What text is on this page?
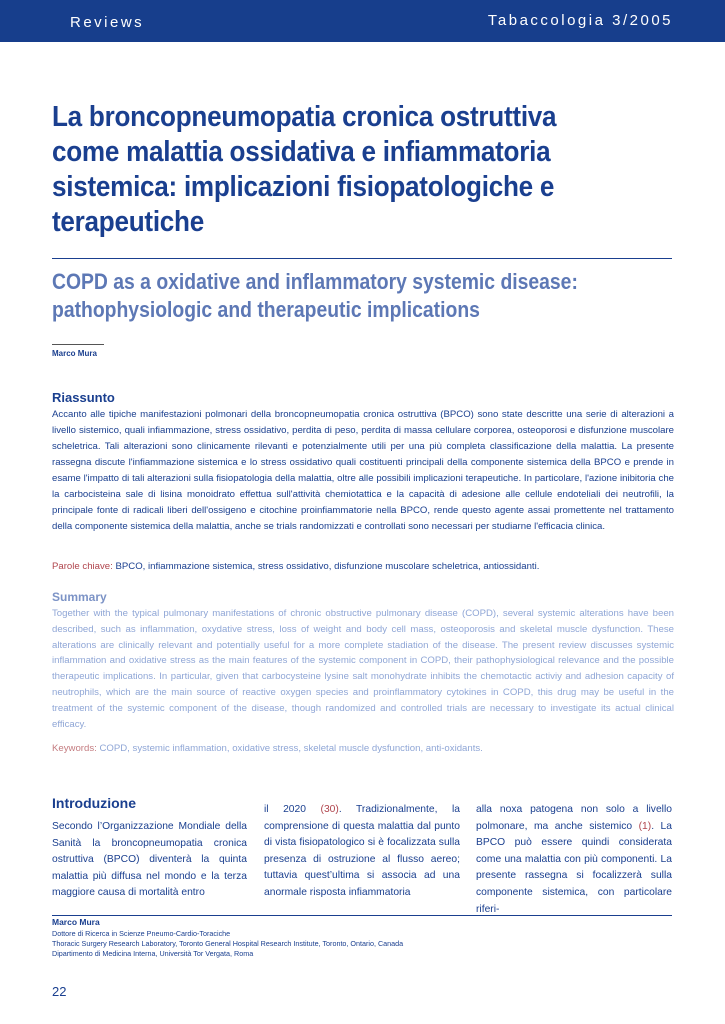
Reviews	Tabaccologia 3/2005
La broncopneumopatia cronica ostruttiva come malattia ossidativa e infiammatoria sistemica: implicazioni fisiopatologiche e terapeutiche
COPD as a oxidative and inflammatory systemic disease: pathophysiologic and therapeutic implications
Marco Mura
Riassunto

Accanto alle tipiche manifestazioni polmonari della broncopneumopatia cronica ostruttiva (BPCO) sono state descritte una serie di alterazioni a livello sistemico, quali infiammazione, stress ossidativo, perdita di peso, perdita di massa cellulare corporea, osteoporosi e disfunzione muscolare scheletrica. Tali alterazioni sono clinicamente rilevanti e potenzialmente utili per una più completa classificazione della malattia. La presente rassegna discute l'infiammazione sistemica e lo stress ossidativo quali costituenti principali della componente sistemica della BPCO e prende in esame l'impatto di tali alterazioni sulla fisiopatologia della malattia, oltre alle possibili implicazioni terapeutiche. In particolare, l'azione inibitoria che la carbocisteina sale di lisina monoidrato effettua sull'attività chemiotattica e la capacità di adesione alle cellule endoteliali dei neutrofili, la principale fonte di radicali liberi dell'ossigeno e citochine proinfiammatorie nella BPCO, rende questo agente assai promettente nel trattamento della componente sistemica della malattia, anche se trials randomizzati e controllati sono necessari per studiarne l'efficacia clinica.

Parole chiave: BPCO, infiammazione sistemica, stress ossidativo, disfunzione muscolare scheletrica, antiossidanti.

Summary

Together with the typical pulmonary manifestations of chronic obstructive pulmonary disease (COPD), several systemic alterations have been described, such as inflammation, oxydative stress, loss of weight and body cell mass, osteoporosis and skeletal muscle dysfunction. These alterations are clinically relevant and potentially useful for a more complete stadiation of the disease. The present review discusses systemic inflammation and oxidative stress as the main features of the systemic component in COPD, their pathophysiological relevance and the possible therapeutic implications. In particular, given that carbocysteine lysine salt monohydrate inhibits the chemotactic activiy and adhesion capacity of neutrophils, which are the main source of reactive oxygen species and proinflammatory cytokines in COPD, this drug may be useful in the treatment of the systemic component of the disease, though randomized and controlled trials are necessary to investigate its actual clinical efficacy.

Keywords: COPD, systemic inflammation, oxidative stress, skeletal muscle dysfunction, anti-oxidants.

Introduzione

Secondo l’Organizzazione Mondiale della Sanità la broncopneumopatia cronica ostruttiva (BPCO) diventerà la quinta malattia più diffusa nel mondo e la terza maggiore causa di mortalità entro

il 2020 (30). Tradizionalmente, la comprensione di questa malattia dal punto di vista fisiopatologico si è focalizzata sulla presenza di ostruzione al flusso aereo; tuttavia quest’ultima si associa ad una anormale risposta infiammatoria

alla noxa patogena non solo a livello polmonare, ma anche sistemico (1). La BPCO può essere quindi considerata come una malattia con più componenti. La presente rassegna si focalizzerà sulla componente sistemica, con particolare riferi-

Marco Mura
Dottore di Ricerca in Scienze Pneumo-Cardio-Toraciche
Thoracic Surgery Research Laboratory, Toronto General Hospital Research Institute, Toronto, Ontario, Canada
Dipartimento di Medicina Interna, Università Tor Vergata, Roma
22
